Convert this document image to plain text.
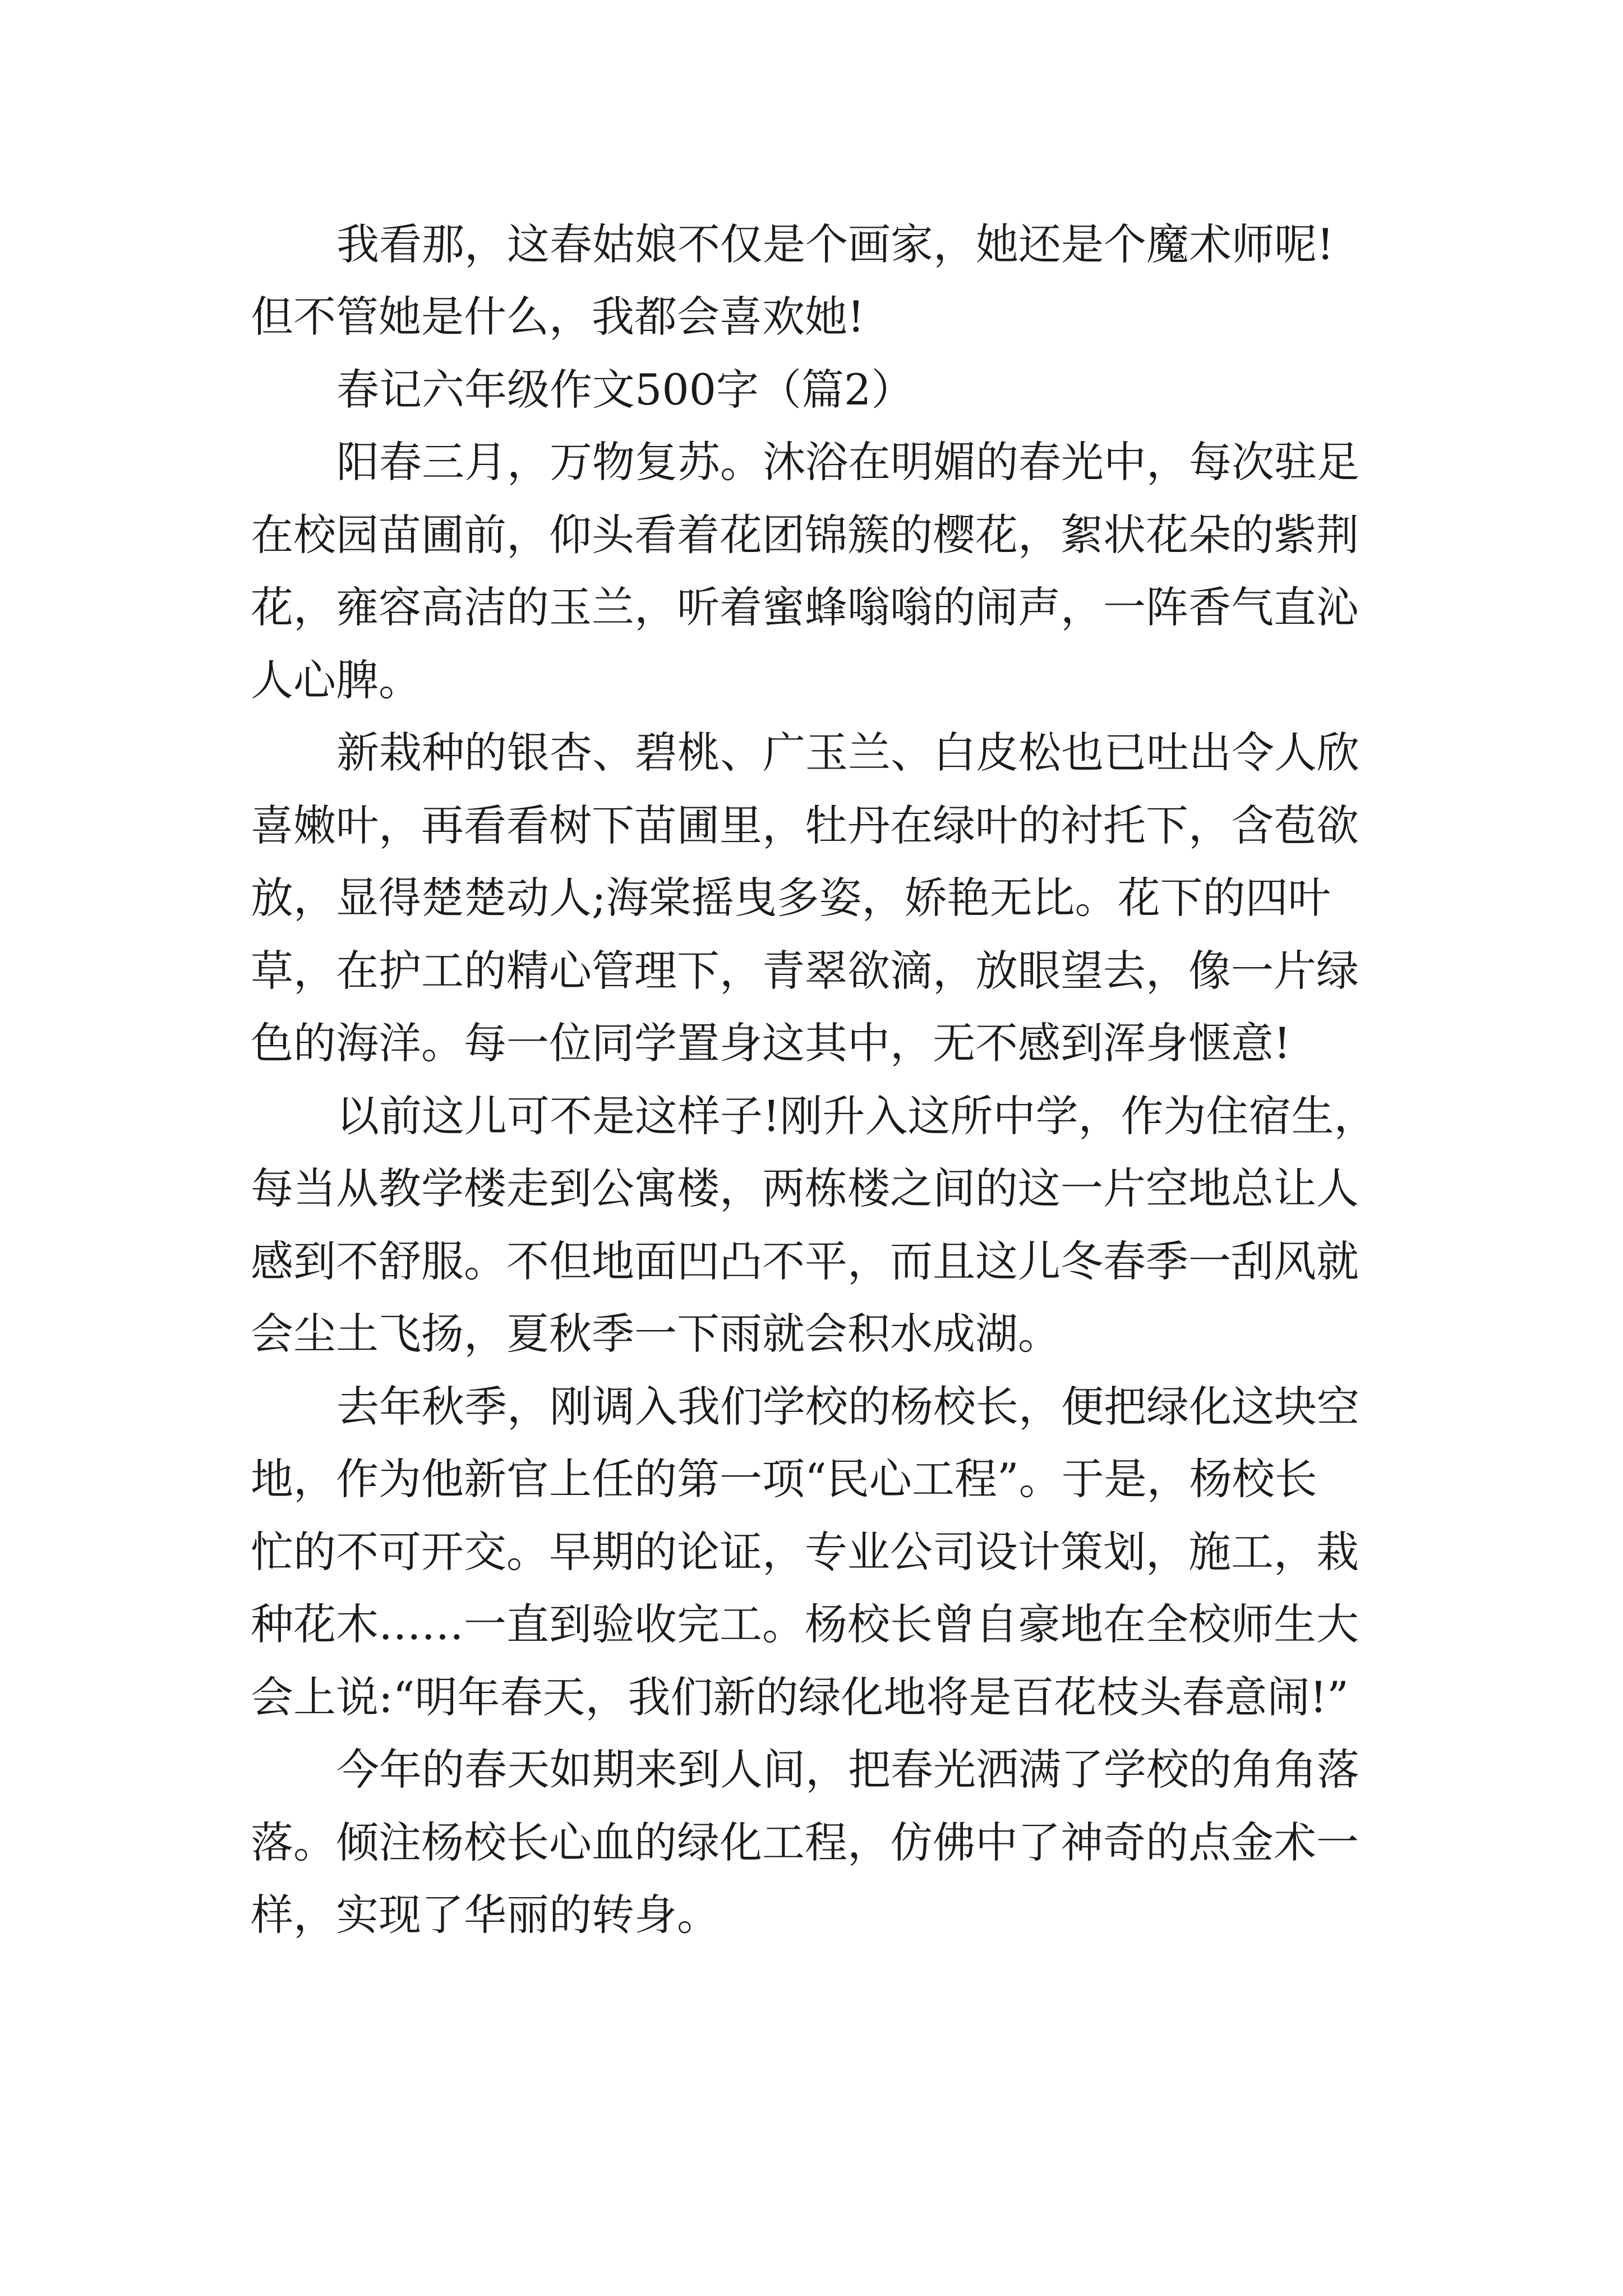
我看那，这春姑娘不仅是个画家，她还是个魔术师呢!
但不管她是什么，我都会喜欢她!
春记六年级作文500字（篇2）
阳春三月，万物复苏。沐浴在明媚的春光中，每次驻足
在校园苗圃前，仰头看着花团锦簇的樱花，絮状花朵的紫荆
花，雍容高洁的玉兰，听着蜜蜂嗡嗡的闹声，一阵香气直沁
人心脾。
新栽种的银杏、碧桃、广玉兰、白皮松也已吐出令人欣
喜嫩叶，再看看树下苗圃里，牡丹在绿叶的衬托下，含苞欲
放，显得楚楚动人;海棠摇曳多姿，娇艳无比。花下的四叶
草，在护工的精心管理下，青翠欲滴，放眼望去，像一片绿
色的海洋。每一位同学置身这其中，无不感到浑身惬意!
以前这儿可不是这样子!刚升入这所中学，作为住宿生，
每当从教学楼走到公寓楼，两栋楼之间的这一片空地总让人
感到不舒服。不但地面凹凸不平，而且这儿冬春季一刮风就
会尘土飞扬，夏秋季一下雨就会积水成湖。
去年秋季，刚调入我们学校的杨校长，便把绿化这块空
地，作为他新官上任的第一项“民心工程”。于是，杨校长
忙的不可开交。早期的论证，专业公司设计策划，施工，栽
种花木……一直到验收完工。杨校长曾自豪地在全校师生大
会上说:“明年春天，我们新的绿化地将是百花枝头春意闹!”
今年的春天如期来到人间，把春光洒满了学校的角角落
落。倾注杨校长心血的绿化工程，仿佛中了神奇的点金术一
样，实现了华丽的转身。
